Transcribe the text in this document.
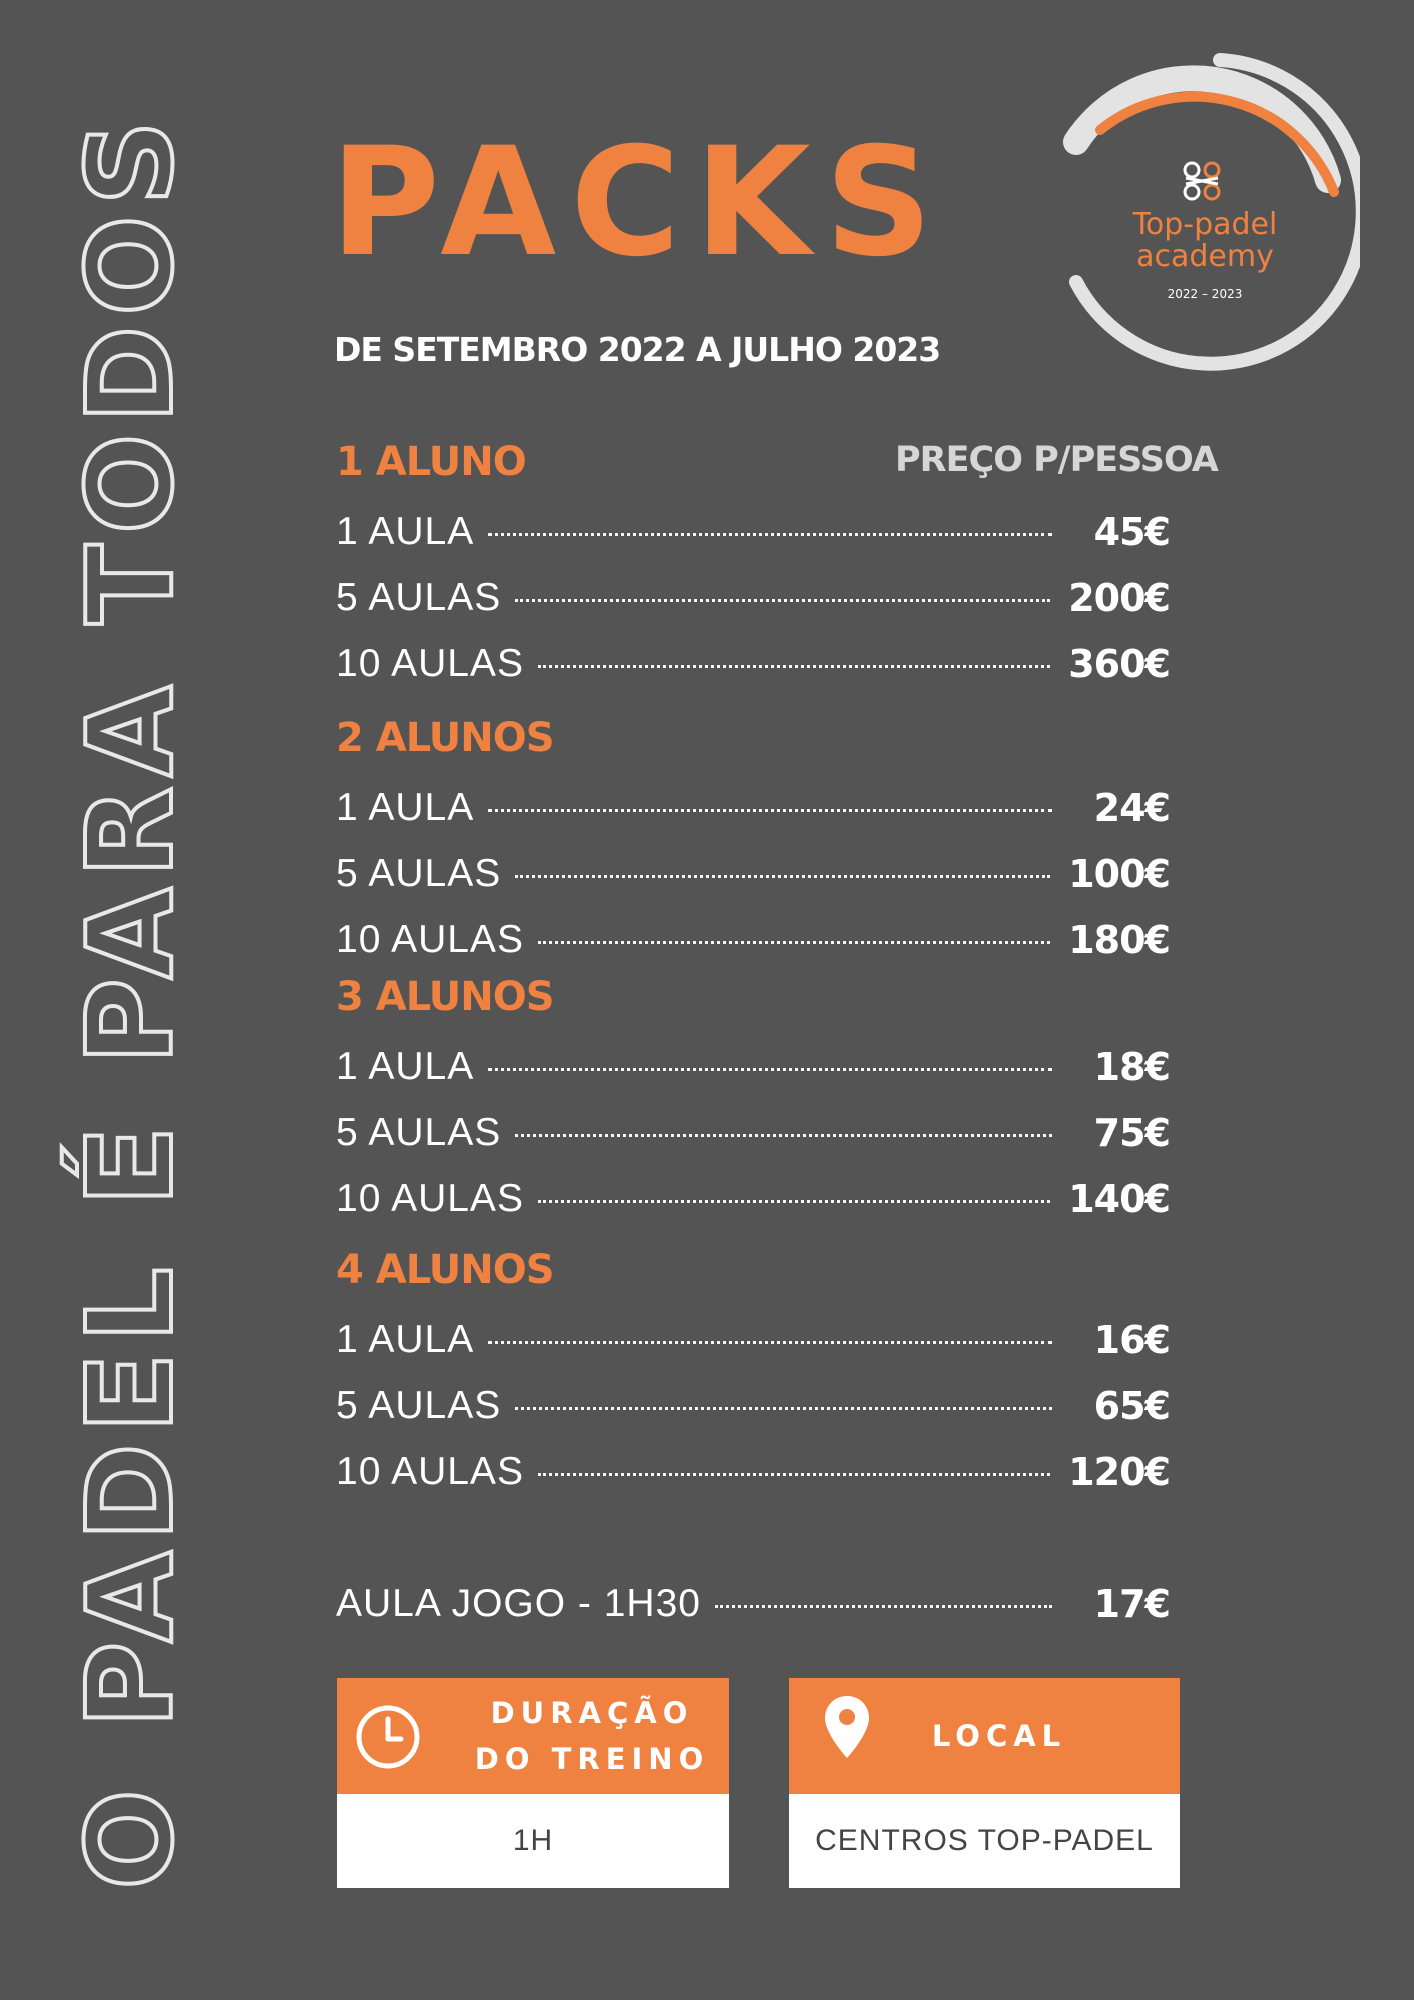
O PADEL É PARA TODOS PACKS
DE SETEMBRO 2022 A JULHO 2023
Top-padel
academy
2022 – 2023
PREÇO P/PESSOA
1 ALUNO
1 AULA	45€
5 AULAS	200€
10 AULAS	360€
2 ALUNOS
1 AULA	24€
5 AULAS	100€
10 AULAS	180€
3 ALUNOS
1 AULA	18€
5 AULAS	75€
10 AULAS	140€
4 ALUNOS
1 AULA	16€
5 AULAS	65€
10 AULAS	120€
AULA JOGO - 1H30	17€
DURAÇÃO
DO TREINO
1H
LOCAL
CENTROS TOP-PADEL
